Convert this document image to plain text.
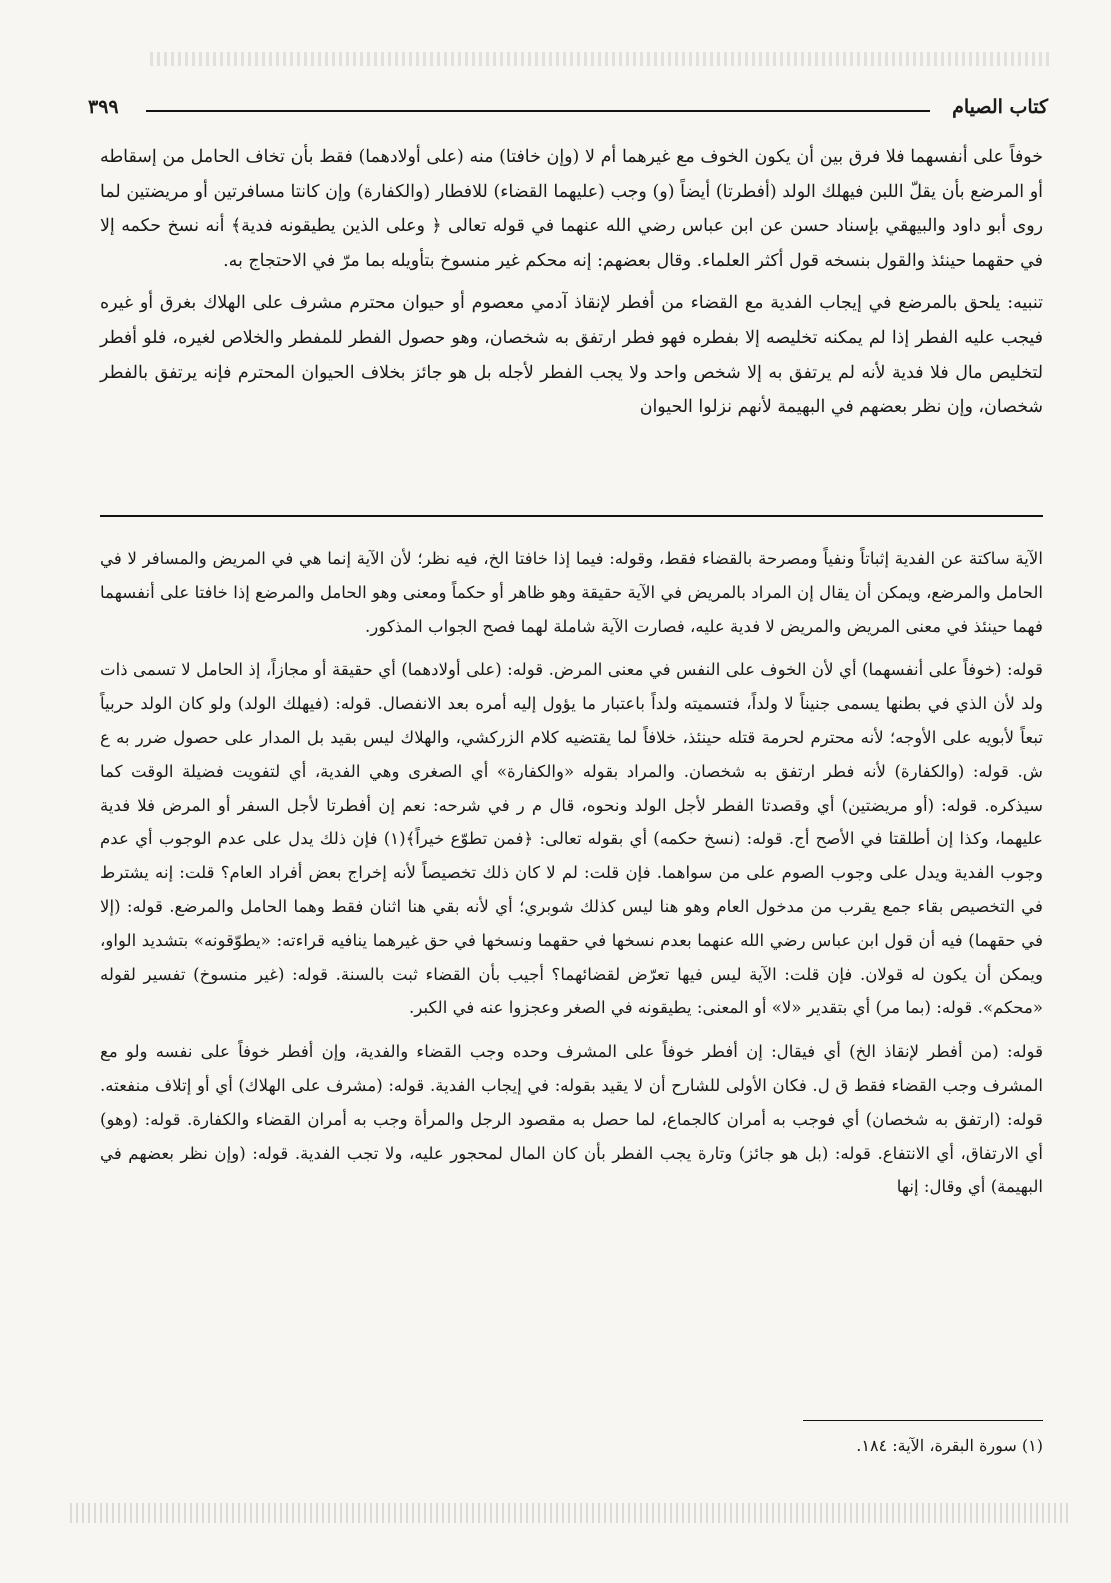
كتاب الصيام
٣٩٩

خوفاً على أنفسهما فلا فرق بين أن يكون الخوف مع غيرهما أم لا (وإن خافتا) منه (على أولادهما) فقط بأن تخاف الحامل من إسقاطه أو المرضع بأن يقلّ اللبن فيهلك الولد (أفطرتا) أيضاً (و) وجب (عليهما القضاء) للافطار (والكفارة) وإن كانتا مسافرتين أو مريضتين لما روى أبو داود والبيهقي بإسناد حسن عن ابن عباس رضي الله عنهما في قوله تعالى ﴿ وعلى الذين يطيقونه فدية﴾ أنه نسخ حكمه إلا في حقهما حينئذ والقول بنسخه قول أكثر العلماء. وقال بعضهم: إنه محكم غير منسوخ بتأويله بما مرّ في الاحتجاج به.

تنبيه: يلحق بالمرضع في إيجاب الفدية مع القضاء من أفطر لإنقاذ آدمي معصوم أو حيوان محترم مشرف على الهلاك بغرق أو غيره فيجب عليه الفطر إذا لم يمكنه تخليصه إلا بفطره فهو فطر ارتفق به شخصان، وهو حصول الفطر للمفطر والخلاص لغيره، فلو أفطر لتخليص مال فلا فدية لأنه لم يرتفق به إلا شخص واحد ولا يجب الفطر لأجله بل هو جائز بخلاف الحيوان المحترم فإنه يرتفق بالفطر شخصان، وإن نظر بعضهم في البهيمة لأنهم نزلوا الحيوان

الآية ساكتة عن الفدية إثباتاً ونفياً ومصرحة بالقضاء فقط، وقوله: فيما إذا خافتا الخ، فيه نظر؛ لأن الآية إنما هي في المريض والمسافر لا في الحامل والمرضع، ويمكن أن يقال إن المراد بالمريض في الآية حقيقة وهو ظاهر أو حكماً ومعنى وهو الحامل والمرضع إذا خافتا على أنفسهما فهما حينئذ في معنى المريض والمريض لا فدية عليه، فصارت الآية شاملة لهما فصح الجواب المذكور.

قوله: (خوفاً على أنفسهما) أي لأن الخوف على النفس في معنى المرض. قوله: (على أولادهما) أي حقيقة أو مجازاً، إذ الحامل لا تسمى ذات ولد لأن الذي في بطنها يسمى جنيناً لا ولداً، فتسميته ولداً باعتبار ما يؤول إليه أمره بعد الانفصال. قوله: (فيهلك الولد) ولو كان الولد حربياً تبعاً لأبويه على الأوجه؛ لأنه محترم لحرمة قتله حينئذ، خلافاً لما يقتضيه كلام الزركشي، والهلاك ليس بقيد بل المدار على حصول ضرر به ع ش. قوله: (والكفارة) لأنه فطر ارتفق به شخصان. والمراد بقوله «والكفارة» أي الصغرى وهي الفدية، أي لتفويت فضيلة الوقت كما سيذكره. قوله: (أو مريضتين) أي وقصدتا الفطر لأجل الولد ونحوه، قال م ر في شرحه: نعم إن أفطرتا لأجل السفر أو المرض فلا فدية عليهما، وكذا إن أطلقتا في الأصح أج. قوله: (نسخ حكمه) أي بقوله تعالى: ﴿فمن تطوّع خيراً﴾(١) فإن ذلك يدل على عدم الوجوب أي عدم وجوب الفدية ويدل على وجوب الصوم على من سواهما. فإن قلت: لم لا كان ذلك تخصيصاً لأنه إخراج بعض أفراد العام؟ قلت: إنه يشترط في التخصيص بقاء جمع يقرب من مدخول العام وهو هنا ليس كذلك شوبري؛ أي لأنه بقي هنا اثنان فقط وهما الحامل والمرضع. قوله: (إلا في حقهما) فيه أن قول ابن عباس رضي الله عنهما بعدم نسخها في حقهما ونسخها في حق غيرهما ينافيه قراءته: «يطوّقونه» بتشديد الواو، ويمكن أن يكون له قولان. فإن قلت: الآية ليس فيها تعرّض لقضائهما؟ أجيب بأن القضاء ثبت بالسنة. قوله: (غير منسوخ) تفسير لقوله «محكم». قوله: (بما مر) أي بتقدير «لا» أو المعنى: يطيقونه في الصغر وعجزوا عنه في الكبر.

قوله: (من أفطر لإنقاذ الخ) أي فيقال: إن أفطر خوفاً على المشرف وحده وجب القضاء والفدية، وإن أفطر خوفاً على نفسه ولو مع المشرف وجب القضاء فقط ق ل. فكان الأولى للشارح أن لا يقيد بقوله: في إيجاب الفدية. قوله: (مشرف على الهلاك) أي أو إتلاف منفعته. قوله: (ارتفق به شخصان) أي فوجب به أمران كالجماع، لما حصل به مقصود الرجل والمرأة وجب به أمران القضاء والكفارة. قوله: (وهو) أي الارتفاق، أي الانتفاع. قوله: (بل هو جائز) وتارة يجب الفطر بأن كان المال لمحجور عليه، ولا تجب الفدية. قوله: (وإن نظر بعضهم في البهيمة) أي وقال: إنها

(١) سورة البقرة، الآية: ١٨٤.
